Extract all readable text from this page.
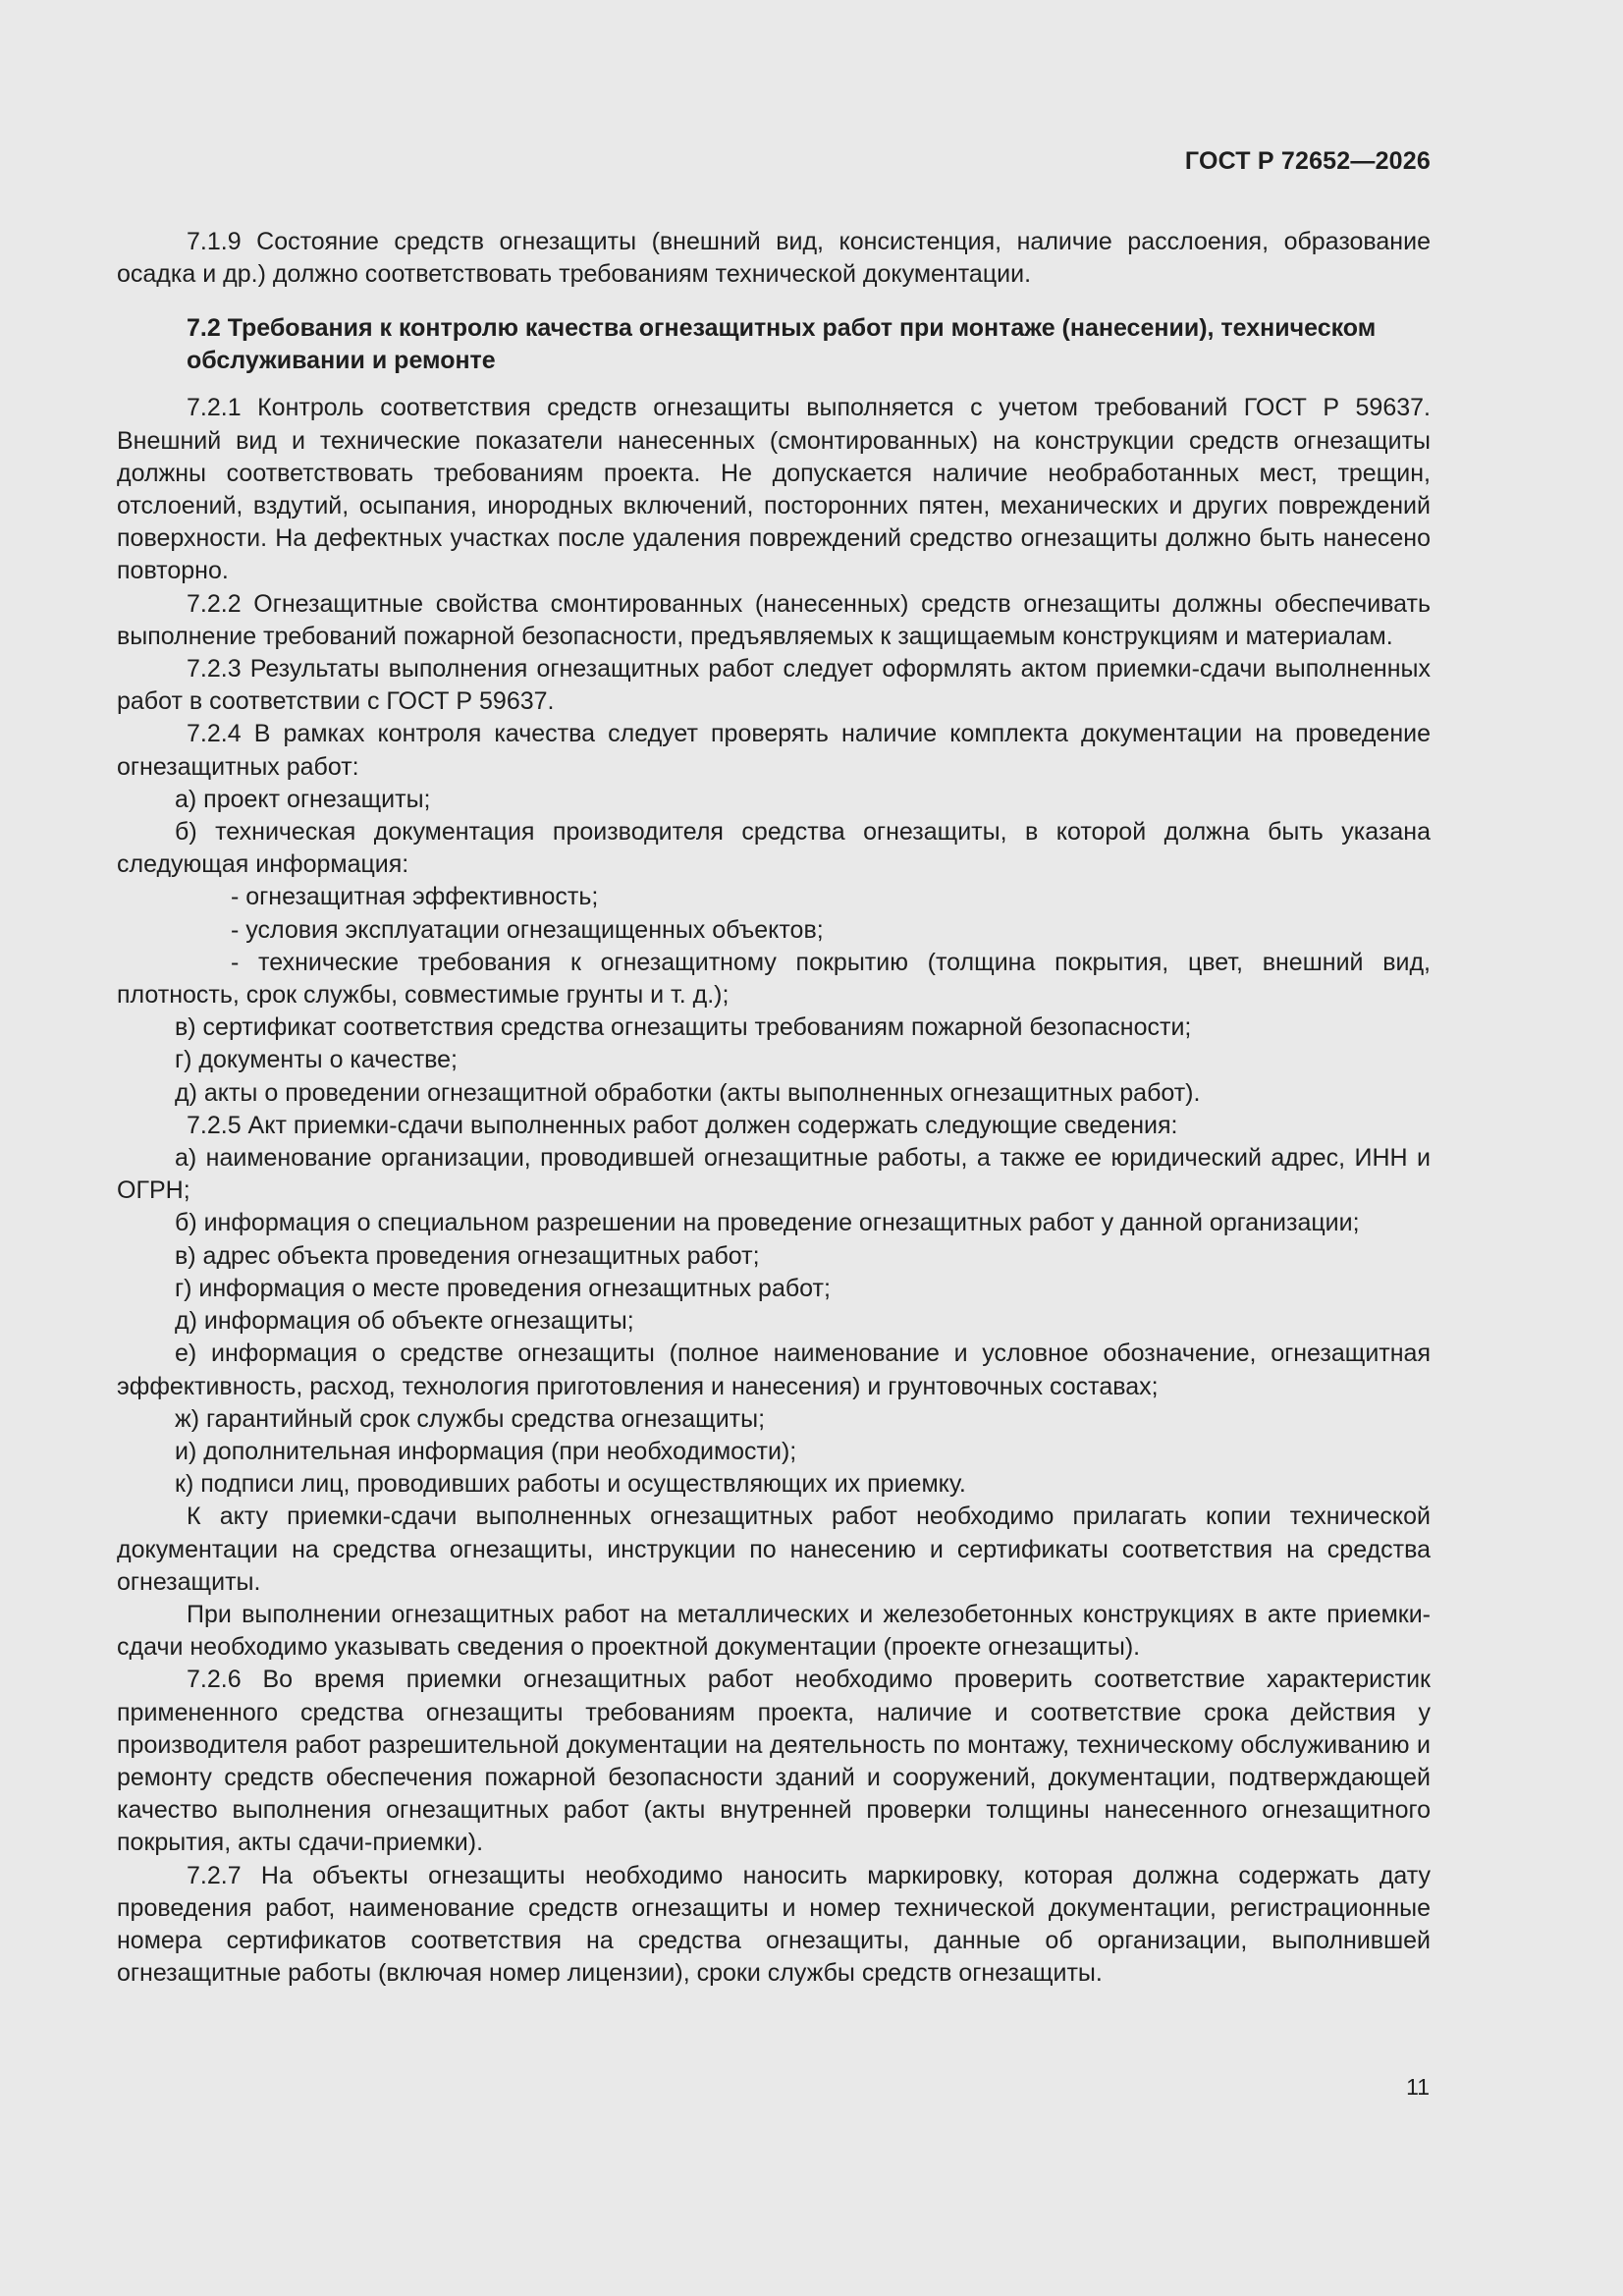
ГОСТ Р 72652—2026

7.1.9 Состояние средств огнезащиты (внешний вид, консистенция, наличие расслоения, образование осадка и др.) должно соответствовать требованиям технической документации.

7.2 Требования к контролю качества огнезащитных работ при монтаже (нанесении), техническом обслуживании и ремонте

7.2.1 Контроль соответствия средств огнезащиты выполняется с учетом требований ГОСТ Р 59637. Внешний вид и технические показатели нанесенных (смонтированных) на конструкции средств огнезащиты должны соответствовать требованиям проекта. Не допускается наличие необработанных мест, трещин, отслоений, вздутий, осыпания, инородных включений, посторонних пятен, механических и других повреждений поверхности. На дефектных участках после удаления повреждений средство огнезащиты должно быть нанесено повторно.

7.2.2 Огнезащитные свойства смонтированных (нанесенных) средств огнезащиты должны обеспечивать выполнение требований пожарной безопасности, предъявляемых к защищаемым конструкциям и материалам.

7.2.3 Результаты выполнения огнезащитных работ следует оформлять актом приемки-сдачи выполненных работ в соответствии с ГОСТ Р 59637.

7.2.4 В рамках контроля качества следует проверять наличие комплекта документации на проведение огнезащитных работ:

а) проект огнезащиты;

б) техническая документация производителя средства огнезащиты, в которой должна быть указана следующая информация:

- огнезащитная эффективность;

- условия эксплуатации огнезащищенных объектов;

- технические требования к огнезащитному покрытию (толщина покрытия, цвет, внешний вид, плотность, срок службы, совместимые грунты и т. д.);

в) сертификат соответствия средства огнезащиты требованиям пожарной безопасности;

г) документы о качестве;

д) акты о проведении огнезащитной обработки (акты выполненных огнезащитных работ).

7.2.5 Акт приемки-сдачи выполненных работ должен содержать следующие сведения:

а) наименование организации, проводившей огнезащитные работы, а также ее юридический адрес, ИНН и ОГРН;

б) информация о специальном разрешении на проведение огнезащитных работ у данной организации;

в) адрес объекта проведения огнезащитных работ;

г) информация о месте проведения огнезащитных работ;

д) информация об объекте огнезащиты;

е) информация о средстве огнезащиты (полное наименование и условное обозначение, огнезащитная эффективность, расход, технология приготовления и нанесения) и грунтовочных составах;

ж) гарантийный срок службы средства огнезащиты;

и) дополнительная информация (при необходимости);

к) подписи лиц, проводивших работы и осуществляющих их приемку.

К акту приемки-сдачи выполненных огнезащитных работ необходимо прилагать копии технической документации на средства огнезащиты, инструкции по нанесению и сертификаты соответствия на средства огнезащиты.

При выполнении огнезащитных работ на металлических и железобетонных конструкциях в акте приемки-сдачи необходимо указывать сведения о проектной документации (проекте огнезащиты).

7.2.6 Во время приемки огнезащитных работ необходимо проверить соответствие характеристик примененного средства огнезащиты требованиям проекта, наличие и соответствие срока действия у производителя работ разрешительной документации на деятельность по монтажу, техническому обслуживанию и ремонту средств обеспечения пожарной безопасности зданий и сооружений, документации, подтверждающей качество выполнения огнезащитных работ (акты внутренней проверки толщины нанесенного огнезащитного покрытия, акты сдачи-приемки).

7.2.7 На объекты огнезащиты необходимо наносить маркировку, которая должна содержать дату проведения работ, наименование средств огнезащиты и номер технической документации, регистрационные номера сертификатов соответствия на средства огнезащиты, данные об организации, выполнившей огнезащитные работы (включая номер лицензии), сроки службы средств огнезащиты.

11
